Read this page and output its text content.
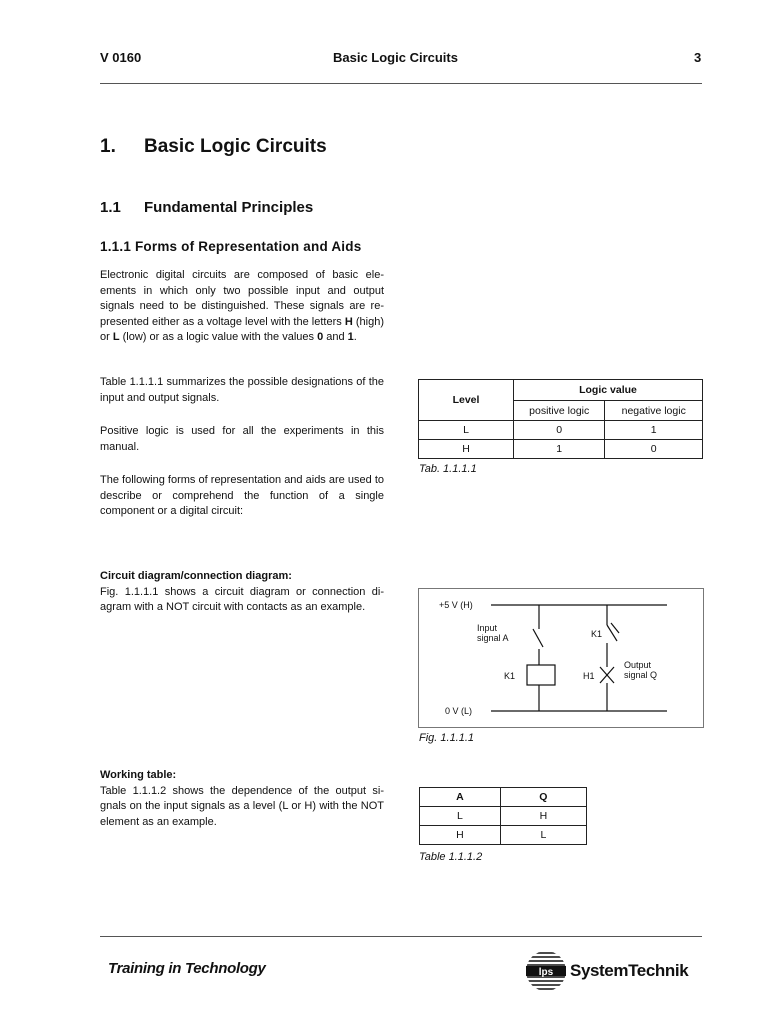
V 0160	Basic Logic Circuits	3
1. Basic Logic Circuits
1.1 Fundamental Principles
1.1.1 Forms of Representation and Aids

Electronic digital circuits are composed of basic ele-ements in which only two possible input and output signals need to be distinguished. These signals are re-presented either as a voltage level with the letters H (high) or L (low) or as a logic value with the values 0 and 1.

Table 1.1.1.1 summarizes the possible designations of the input and output signals.

Positive logic is used for all the experiments in this manual.

The following forms of representation and aids are used to describe or comprehend the function of a single component or a digital circuit:

Level	Logic value	
	positive logic	negative logic
L	0	1
H	1	0
Tab. 1.1.1.1

Circuit diagram/connection diagram:
Fig. 1.1.1.1 shows a circuit diagram or connection di-agram with a NOT circuit with contacts as an example.	+5 V (H)
0 V (L)
Input
signal A	K1
K1	H1
Output
signal Q
Fig. 1.1.1.1

Working table:
Table 1.1.1.2 shows the dependence of the output si-gnals on the input signals as a level (L or H) with the NOT element as an example.

A	Q
L	H
H	L
Table 1.1.1.2
Training in Technology	lps SystemTechnik
